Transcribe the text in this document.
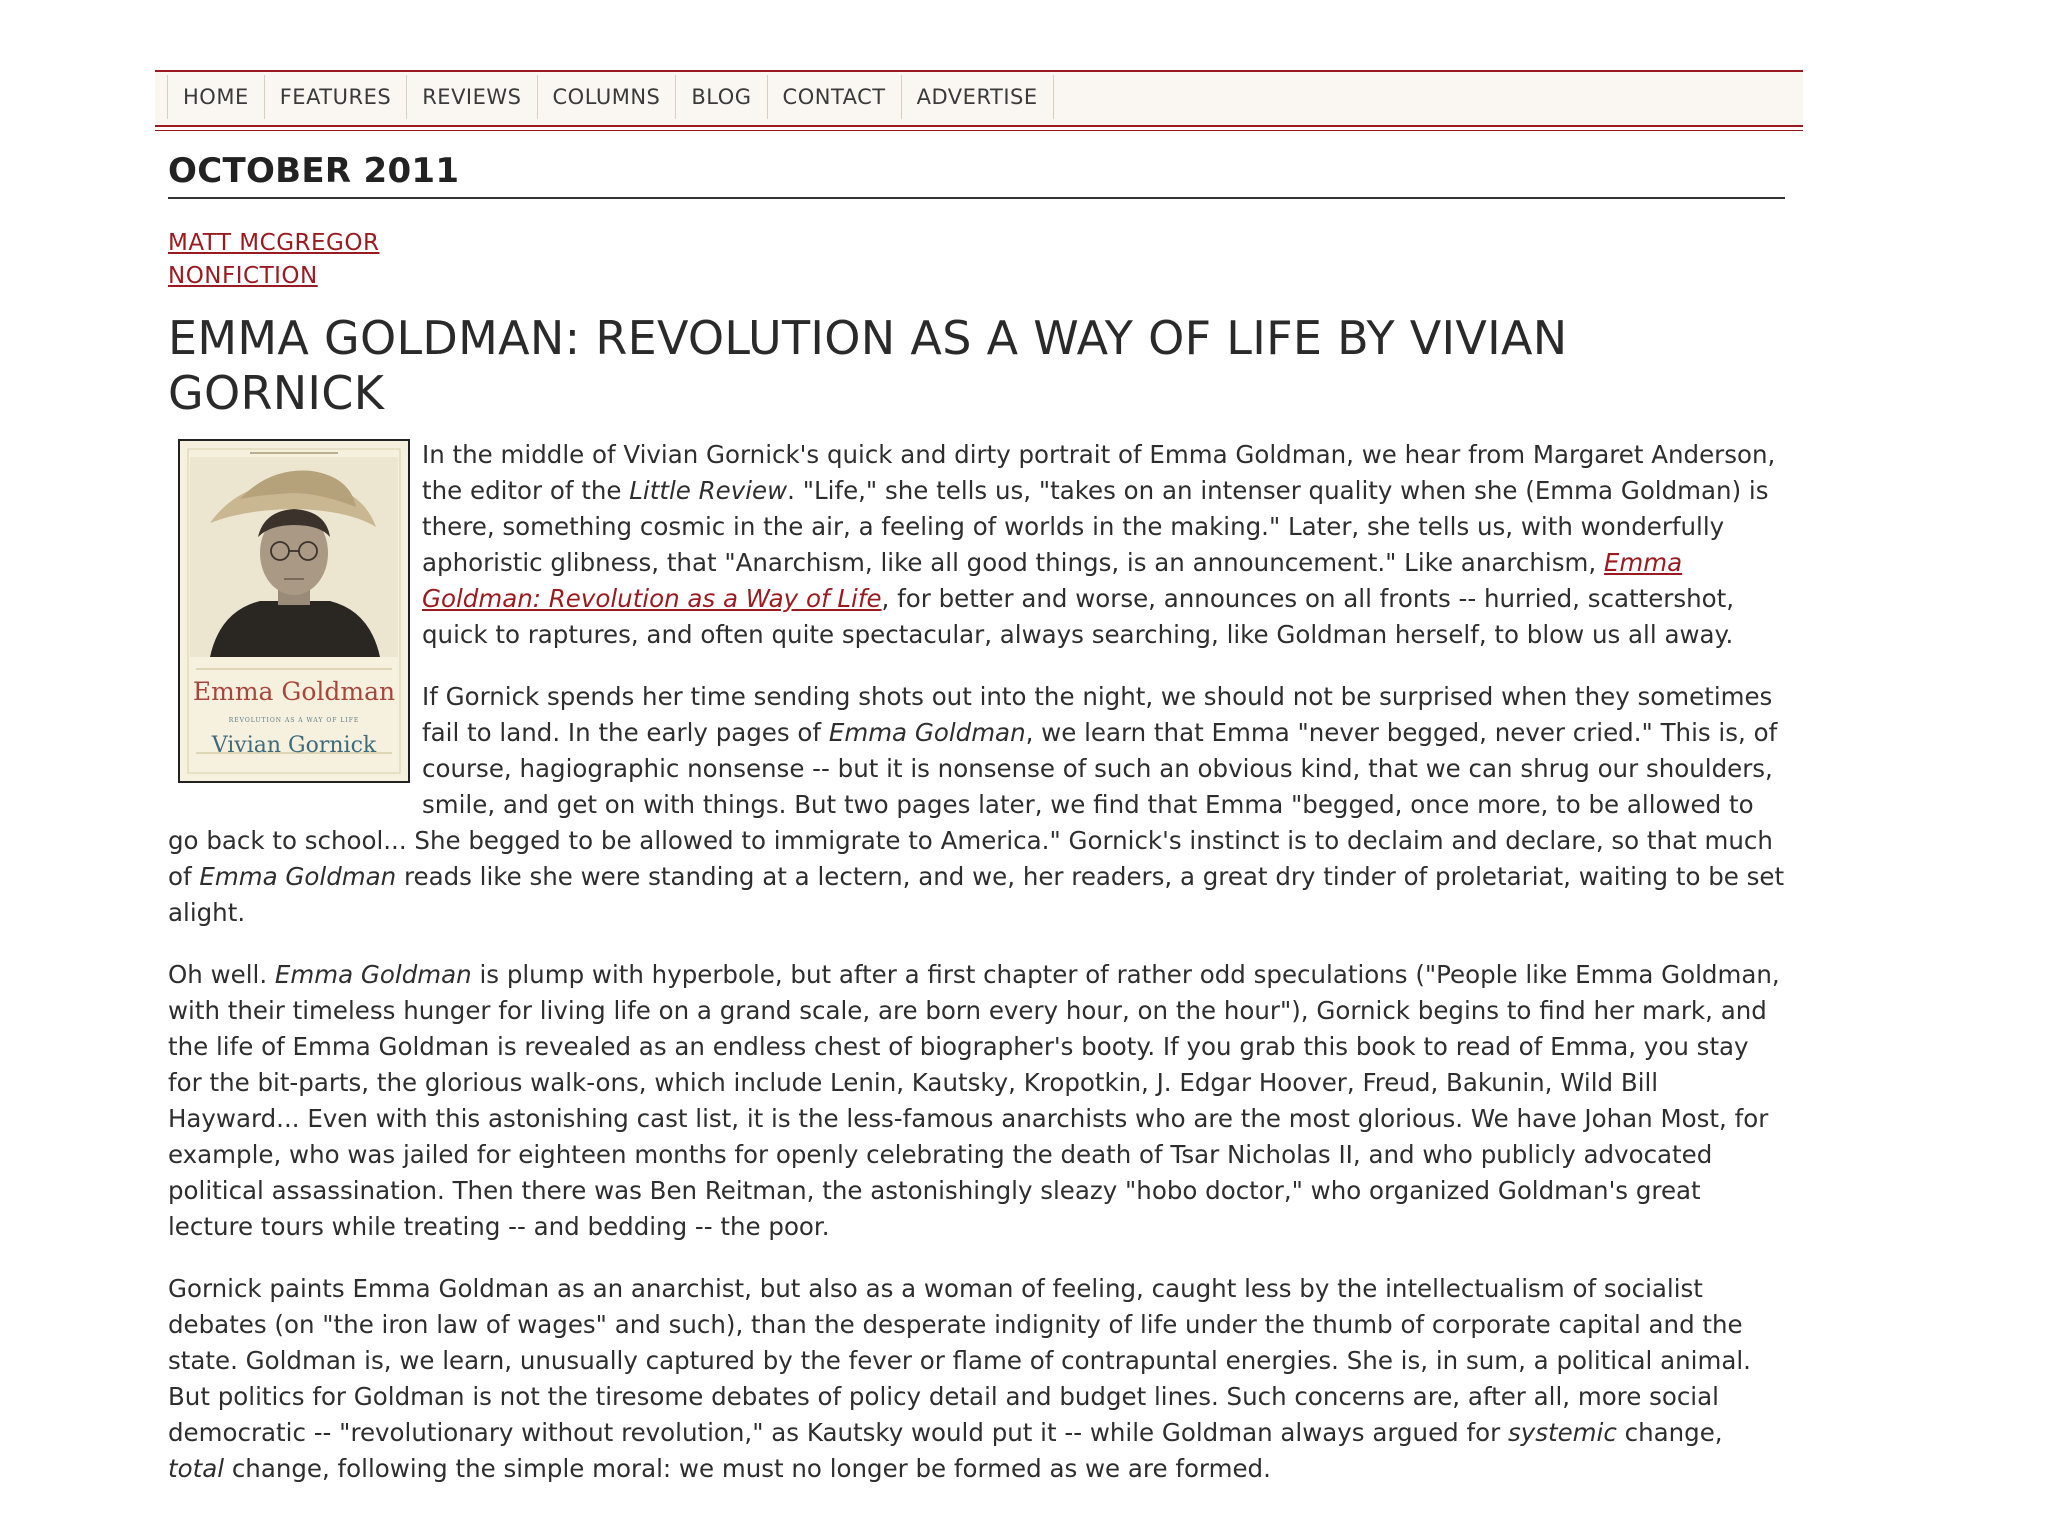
HOME	FEATURES	REVIEWS	COLUMNS	BLOG	CONTACT	ADVERTISE
OCTOBER 2011
MATT MCGREGOR
NONFICTION
EMMA GOLDMAN: REVOLUTION AS A WAY OF LIFE BY VIVIAN GORNICK
Emma Goldman
REVOLUTION AS A WAY OF LIFE
Vivian Gornick

In the middle of Vivian Gornick's quick and dirty portrait of Emma Goldman, we hear from Margaret Anderson, the editor of the Little Review. "Life," she tells us, "takes on an intenser quality when she (Emma Goldman) is there, something cosmic in the air, a feeling of worlds in the making." Later, she tells us, with wonderfully aphoristic glibness, that "Anarchism, like all good things, is an announcement." Like anarchism, Emma Goldman: Revolution as a Way of Life, for better and worse, announces on all fronts -- hurried, scattershot, quick to raptures, and often quite spectacular, always searching, like Goldman herself, to blow us all away.

If Gornick spends her time sending shots out into the night, we should not be surprised when they sometimes fail to land. In the early pages of Emma Goldman, we learn that Emma "never begged, never cried." This is, of course, hagiographic nonsense -- but it is nonsense of such an obvious kind, that we can shrug our shoulders, smile, and get on with things. But two pages later, we find that Emma "begged, once more, to be allowed to go back to school... She begged to be allowed to immigrate to America." Gornick's instinct is to declaim and declare, so that much of Emma Goldman reads like she were standing at a lectern, and we, her readers, a great dry tinder of proletariat, waiting to be set alight.

Oh well. Emma Goldman is plump with hyperbole, but after a first chapter of rather odd speculations ("People like Emma Goldman, with their timeless hunger for living life on a grand scale, are born every hour, on the hour"), Gornick begins to find her mark, and the life of Emma Goldman is revealed as an endless chest of biographer's booty. If you grab this book to read of Emma, you stay for the bit-parts, the glorious walk-ons, which include Lenin, Kautsky, Kropotkin, J. Edgar Hoover, Freud, Bakunin, Wild Bill Hayward... Even with this astonishing cast list, it is the less-famous anarchists who are the most glorious. We have Johan Most, for example, who was jailed for eighteen months for openly celebrating the death of Tsar Nicholas II, and who publicly advocated political assassination. Then there was Ben Reitman, the astonishingly sleazy "hobo doctor," who organized Goldman's great lecture tours while treating -- and bedding -- the poor.

Gornick paints Emma Goldman as an anarchist, but also as a woman of feeling, caught less by the intellectualism of socialist debates (on "the iron law of wages" and such), than the desperate indignity of life under the thumb of corporate capital and the state. Goldman is, we learn, unusually captured by the fever or flame of contrapuntal energies. She is, in sum, a political animal. But politics for Goldman is not the tiresome debates of policy detail and budget lines. Such concerns are, after all, more social democratic -- "revolutionary without revolution," as Kautsky would put it -- while Goldman always argued for systemic change, total change, following the simple moral: we must no longer be formed as we are formed.
